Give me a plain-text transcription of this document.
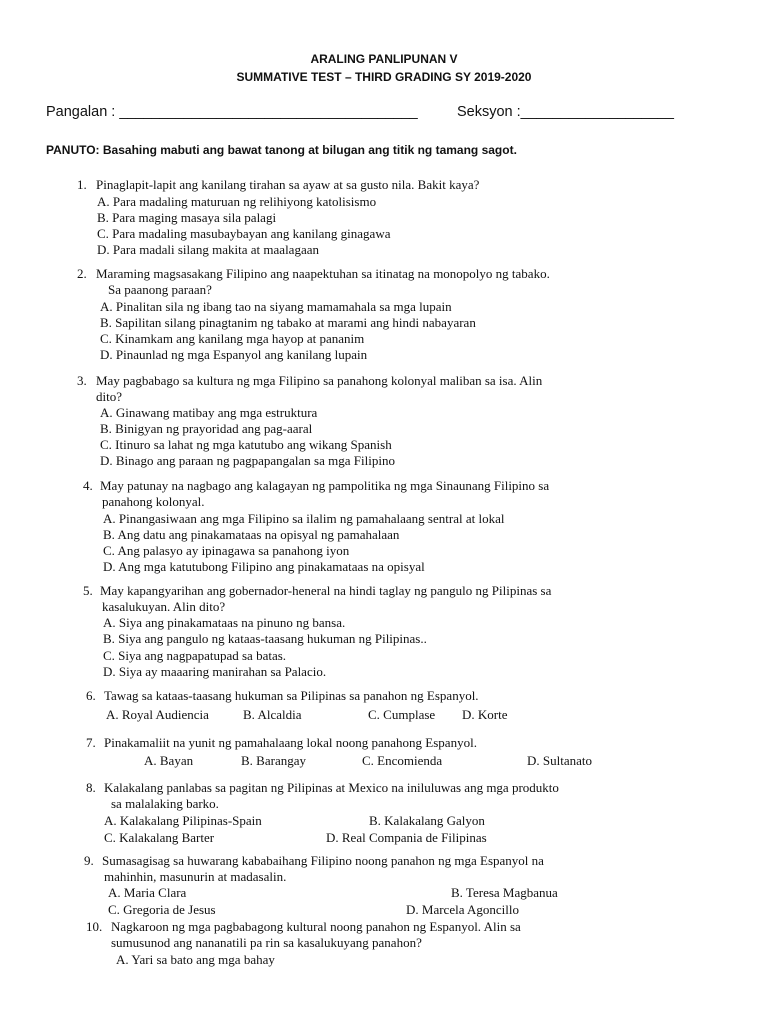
ARALING PANLIPUNAN V
SUMMATIVE TEST – THIRD GRADING SY 2019-2020
Pangalan : _____________________________________	Seksyon :___________________
PANUTO: Basahing mabuti ang bawat tanong at bilugan ang titik ng tamang sagot.
1. Pinaglapit-lapit ang kanilang tirahan sa ayaw at sa gusto nila. Bakit kaya?
A. Para madaling maturuan ng relihiyong katolisismo
B. Para maging masaya sila palagi
C. Para madaling masubaybayan ang kanilang ginagawa
D. Para madali silang makita at maalagaan
2. Maraming magsasakang Filipino ang naapektuhan sa itinatag na monopolyo ng tabako.
Sa paanong paraan?
A. Pinalitan sila ng ibang tao na siyang mamamahala sa mga lupain
B. Sapilitan silang pinagtanim ng tabako at marami ang hindi nabayaran
C. Kinamkam ang kanilang mga hayop at pananim
D. Pinaunlad ng mga Espanyol ang kanilang lupain
3. May pagbabago sa kultura ng mga Filipino sa panahong kolonyal maliban sa isa. Alin
dito?
A. Ginawang matibay ang mga estruktura
B. Binigyan ng prayoridad ang pag-aaral
C. Itinuro sa lahat ng mga katutubo ang wikang Spanish
D. Binago ang paraan ng pagpapangalan sa mga Filipino
4. May patunay na nagbago ang kalagayan ng pampolitika ng mga Sinaunang Filipino sa
panahong kolonyal.
A. Pinangasiwaan ang mga Filipino sa ilalim ng pamahalaang sentral at lokal
B. Ang datu ang pinakamataas na opisyal ng pamahalaan
C. Ang palasyo ay ipinagawa sa panahong iyon
D. Ang mga katutubong Filipino ang pinakamataas na opisyal
5. May kapangyarihan ang gobernador-heneral na hindi taglay ng pangulo ng Pilipinas sa
kasalukuyan. Alin dito?
A. Siya ang pinakamataas na pinuno ng bansa.
B. Siya ang pangulo ng kataas-taasang hukuman ng Pilipinas..
C. Siya ang nagpapatupad sa batas.
D. Siya ay maaaring manirahan sa Palacio.
6. Tawag sa kataas-taasang hukuman sa Pilipinas sa panahon ng Espanyol.
A. Royal Audiencia	B. Alcaldia	C. Cumplase D. Korte
7. Pinakamaliit na yunit ng pamahalaang lokal noong panahong Espanyol.
A. Bayan	B. Barangay	C. Encomienda	D. Sultanato
8. Kalakalang panlabas sa pagitan ng Pilipinas at Mexico na iniluluwas ang mga produkto
sa malalaking barko.
A. Kalakalang Pilipinas-Spain	B. Kalakalang Galyon
C. Kalakalang Barter	D. Real Compania de Filipinas
9. Sumasagisag sa huwarang kababaihang Filipino noong panahon ng mga Espanyol na
mahinhin, masunurin at madasalin.
A. Maria Clara	B. Teresa Magbanua
C. Gregoria de Jesus	D. Marcela Agoncillo
10. Nagkaroon ng mga pagbabagong kultural noong panahon ng Espanyol. Alin sa
sumusunod ang nananatili pa rin sa kasalukuyang panahon?
A. Yari sa bato ang mga bahay
